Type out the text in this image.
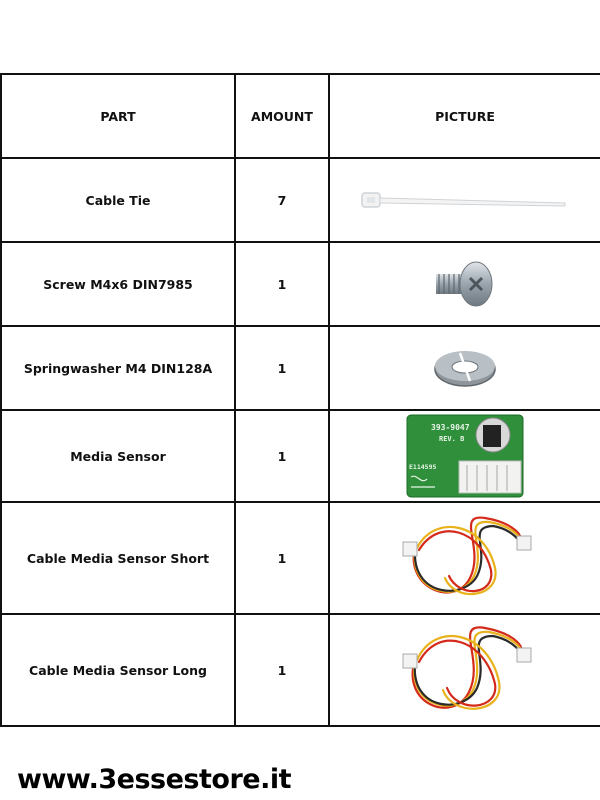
PART	AMOUNT	PICTURE
Cable Tie	7	

Screw M4x6 DIN7985	1	

Springwasher M4 DIN128A	1	

Media Sensor	1	393-9047
REV. B
E114595

Cable Media Sensor Short	1	

Cable Media Sensor Long	1	
www.3essestore.it
